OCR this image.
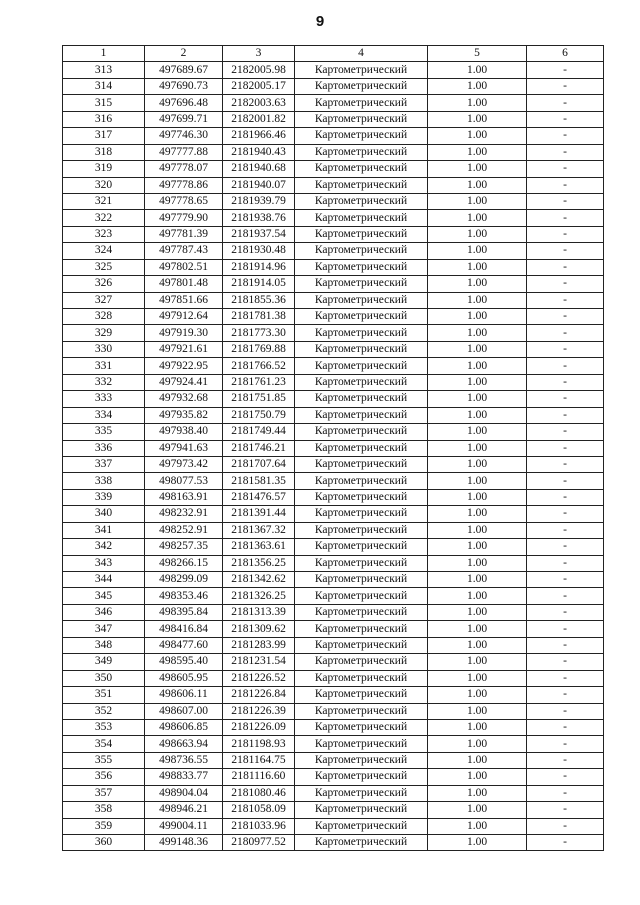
9
1	2	3	4	5	6
313	497689.67	2182005.98	Картометрический	1.00	-
314	497690.73	2182005.17	Картометрический	1.00	-
315	497696.48	2182003.63	Картометрический	1.00	-
316	497699.71	2182001.82	Картометрический	1.00	-
317	497746.30	2181966.46	Картометрический	1.00	-
318	497777.88	2181940.43	Картометрический	1.00	-
319	497778.07	2181940.68	Картометрический	1.00	-
320	497778.86	2181940.07	Картометрический	1.00	-
321	497778.65	2181939.79	Картометрический	1.00	-
322	497779.90	2181938.76	Картометрический	1.00	-
323	497781.39	2181937.54	Картометрический	1.00	-
324	497787.43	2181930.48	Картометрический	1.00	-
325	497802.51	2181914.96	Картометрический	1.00	-
326	497801.48	2181914.05	Картометрический	1.00	-
327	497851.66	2181855.36	Картометрический	1.00	-
328	497912.64	2181781.38	Картометрический	1.00	-
329	497919.30	2181773.30	Картометрический	1.00	-
330	497921.61	2181769.88	Картометрический	1.00	-
331	497922.95	2181766.52	Картометрический	1.00	-
332	497924.41	2181761.23	Картометрический	1.00	-
333	497932.68	2181751.85	Картометрический	1.00	-
334	497935.82	2181750.79	Картометрический	1.00	-
335	497938.40	2181749.44	Картометрический	1.00	-
336	497941.63	2181746.21	Картометрический	1.00	-
337	497973.42	2181707.64	Картометрический	1.00	-
338	498077.53	2181581.35	Картометрический	1.00	-
339	498163.91	2181476.57	Картометрический	1.00	-
340	498232.91	2181391.44	Картометрический	1.00	-
341	498252.91	2181367.32	Картометрический	1.00	-
342	498257.35	2181363.61	Картометрический	1.00	-
343	498266.15	2181356.25	Картометрический	1.00	-
344	498299.09	2181342.62	Картометрический	1.00	-
345	498353.46	2181326.25	Картометрический	1.00	-
346	498395.84	2181313.39	Картометрический	1.00	-
347	498416.84	2181309.62	Картометрический	1.00	-
348	498477.60	2181283.99	Картометрический	1.00	-
349	498595.40	2181231.54	Картометрический	1.00	-
350	498605.95	2181226.52	Картометрический	1.00	-
351	498606.11	2181226.84	Картометрический	1.00	-
352	498607.00	2181226.39	Картометрический	1.00	-
353	498606.85	2181226.09	Картометрический	1.00	-
354	498663.94	2181198.93	Картометрический	1.00	-
355	498736.55	2181164.75	Картометрический	1.00	-
356	498833.77	2181116.60	Картометрический	1.00	-
357	498904.04	2181080.46	Картометрический	1.00	-
358	498946.21	2181058.09	Картометрический	1.00	-
359	499004.11	2181033.96	Картометрический	1.00	-
360	499148.36	2180977.52	Картометрический	1.00	-
